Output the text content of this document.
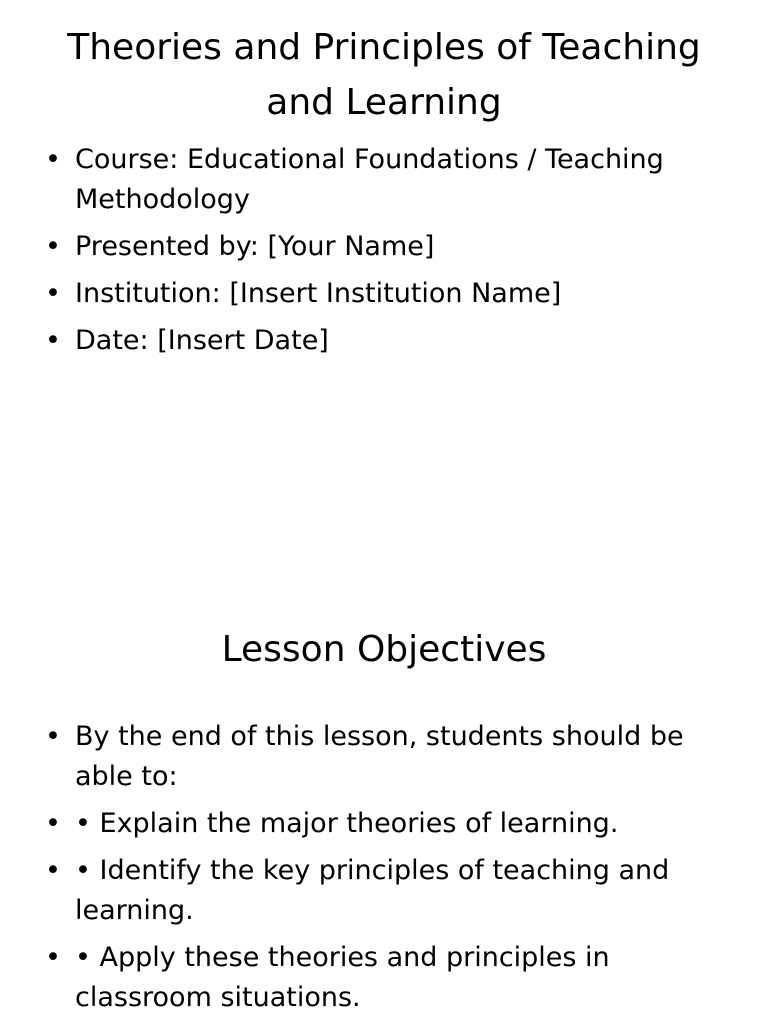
Theories and Principles of Teaching and Learning
• Course: Educational Foundations / Teaching Methodology
• Presented by: [Your Name]
• Institution: [Insert Institution Name]
• Date: [Insert Date]
Lesson Objectives
• By the end of this lesson, students should be able to:
• • Explain the major theories of learning.
• • Identify the key principles of teaching and learning.
• • Apply these theories and principles in classroom situations.
